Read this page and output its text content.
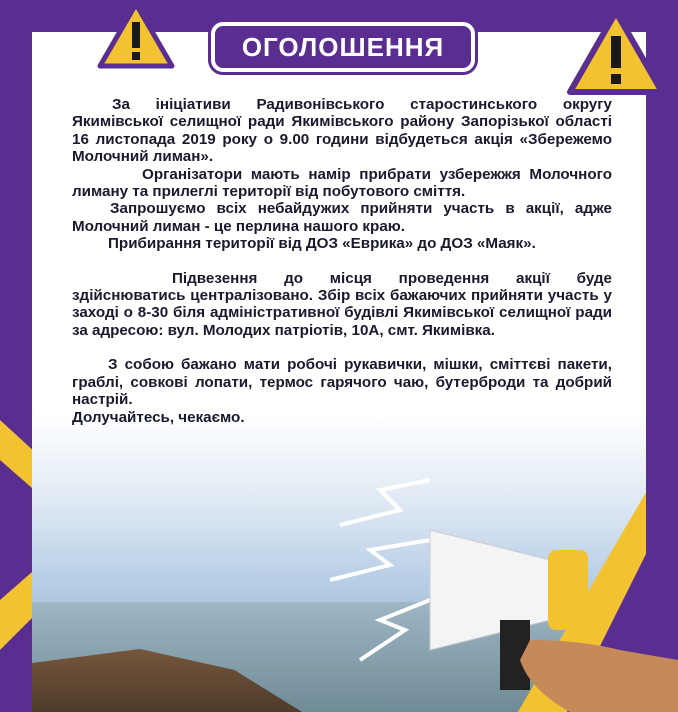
ОГОЛОШЕННЯ

За ініціативи Радивонівського старостинського округу Якимівської селищної ради Якимівського району Запорізької області 16 листопада 2019 року о 9.00 години відбудеться акція «Збережемо Молочний лиман».

Організатори мають намір прибрати узбережжя Молочного лиману та прилеглі території від побутового сміття.

Запрошуємо всіх небайдужих прийняти участь в акції, адже Молочний лиман - це перлина нашого краю.

Прибирання території від ДОЗ «Еврика» до ДОЗ «Маяк».

Підвезення до місця проведення акції буде здійснюватись централізовано. Збір всіх бажаючих прийняти участь у заході о 8-30 біля адміністративної будівлі Якимівської селищної ради за адресою: вул. Молодих патріотів, 10А, смт. Якимівка.

З собою бажано мати робочі рукавички, мішки, сміттєві пакети, граблі, совкові лопати, термос гарячого чаю, бутерброди та добрий настрій.

Долучайтесь, чекаємо.
